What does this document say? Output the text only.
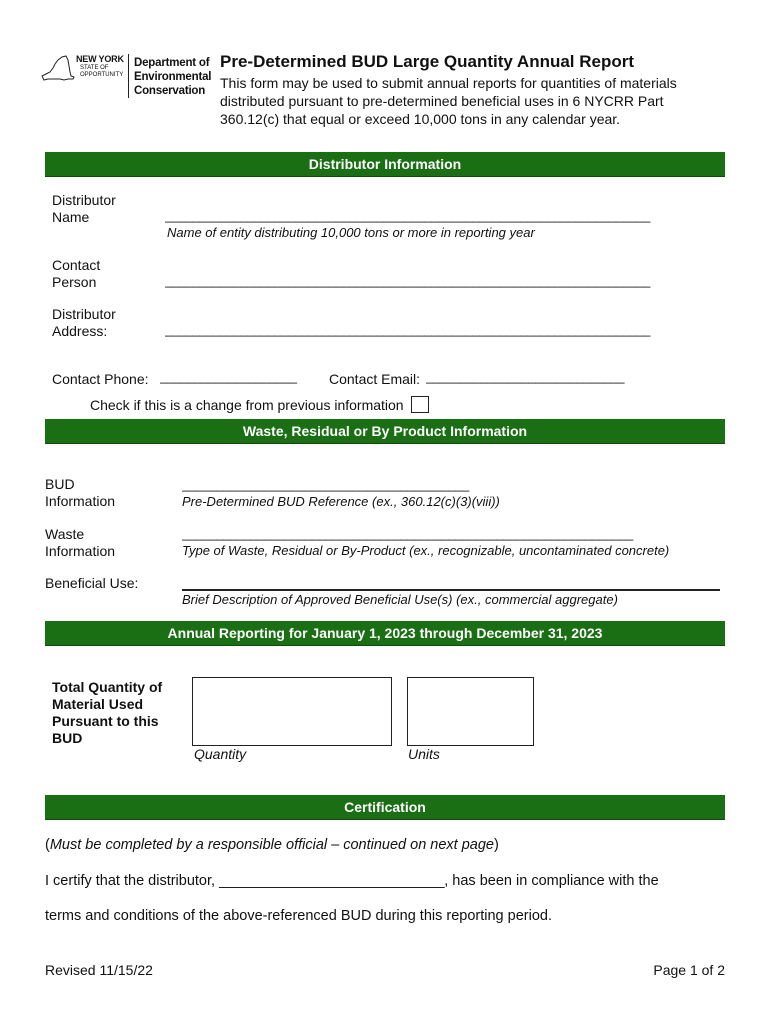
NEW YORK
STATE OF
OPPORTUNITY
Department of
Environmental
Conservation
Pre-Determined BUD Large Quantity Annual Report
This form may be used to submit annual reports for quantities of materials distributed pursuant to pre-determined beneficial uses in 6 NYCRR Part 360.12(c) that equal or exceed 10,000 tons in any calendar year.
Distributor Information
Distributor
Name	_______________________________________________________________________
Name of entity distributing 10,000 tons or more in reporting year
Contact
Person	_______________________________________________________________________
Distributor
Address:	_______________________________________________________________________
Contact Phone: ____________________	Contact Email: _____________________________
Check if this is a change from previous information
Waste, Residual or By Product Information
BUD
Information
__________________________________________
Pre-Determined BUD Reference (ex., 360.12(c)(3)(viii))
Waste
Information
__________________________________________________________________
Type of Waste, Residual or By-Product (ex., recognizable, uncontaminated concrete)
Beneficial Use:
Brief Description of Approved Beneficial Use(s) (ex., commercial aggregate)
Annual Reporting for January 1, 2023 through December 31, 2023
Total Quantity of
Material Used
Pursuant to this
BUD
Quantity	Units
Certification
(Must be completed by a responsible official – continued on next page)
I certify that the distributor, _____________________________, has been in compliance with the
terms and conditions of the above-referenced BUD during this reporting period.
Revised 11/15/22	Page 1 of 2
